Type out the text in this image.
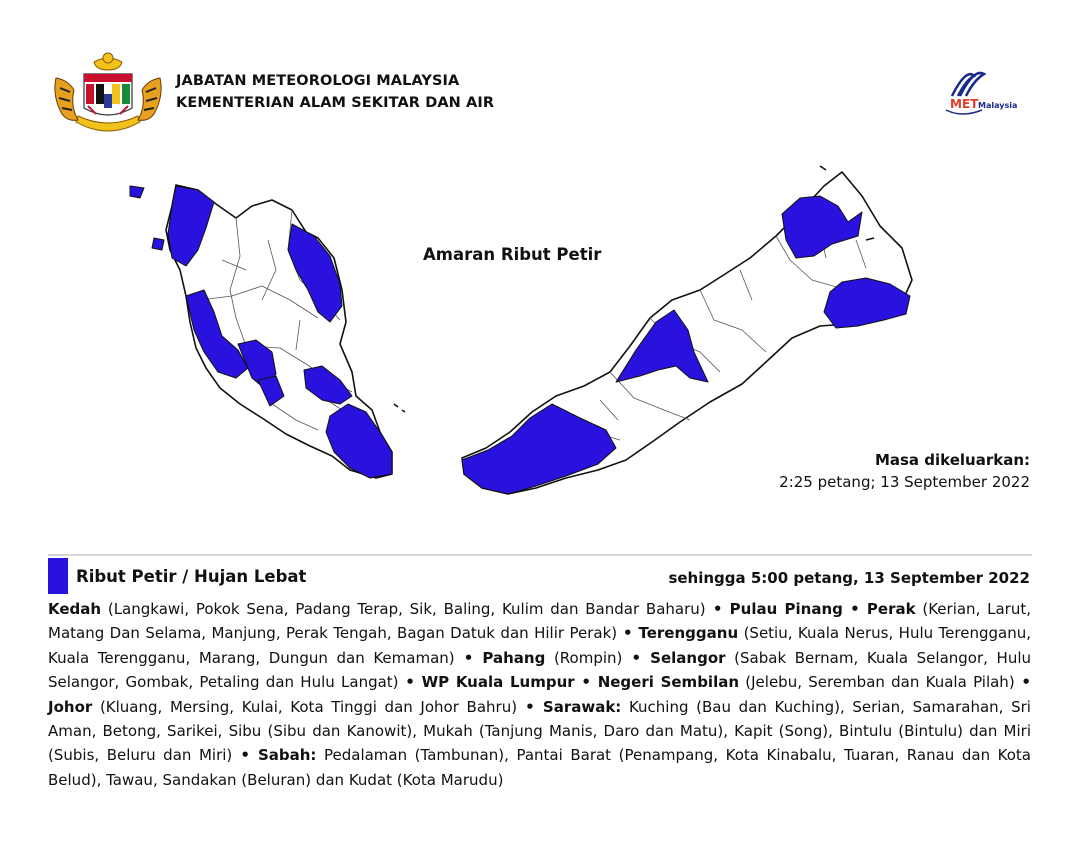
JABATAN METEOROLOGI MALAYSIA
KEMENTERIAN ALAM SEKITAR DAN AIR	MET Malaysia
Amaran Ribut Petir
Masa dikeluarkan:
2:25 petang; 13 September 2022
Ribut Petir / Hujan Lebat	sehingga 5:00 petang, 13 September 2022
Kedah (Langkawi, Pokok Sena, Padang Terap, Sik, Baling, Kulim dan Bandar Baharu) • Pulau Pinang • Perak (Kerian, Larut, Matang Dan Selama, Manjung, Perak Tengah, Bagan Datuk dan Hilir Perak) • Terengganu (Setiu, Kuala Nerus, Hulu Terengganu, Kuala Terengganu, Marang, Dungun dan Kemaman) • Pahang (Rompin) • Selangor (Sabak Bernam, Kuala Selangor, Hulu Selangor, Gombak, Petaling dan Hulu Langat) • WP Kuala Lumpur • Negeri Sembilan (Jelebu, Seremban dan Kuala Pilah) • Johor (Kluang, Mersing, Kulai, Kota Tinggi dan Johor Bahru) • Sarawak: Kuching (Bau dan Kuching), Serian, Samarahan, Sri Aman, Betong, Sarikei, Sibu (Sibu dan Kanowit), Mukah (Tanjung Manis, Daro dan Matu), Kapit (Song), Bintulu (Bintulu) dan Miri (Subis, Beluru dan Miri) • Sabah: Pedalaman (Tambunan), Pantai Barat (Penampang, Kota Kinabalu, Tuaran, Ranau dan Kota Belud), Tawau, Sandakan (Beluran) dan Kudat (Kota Marudu)
